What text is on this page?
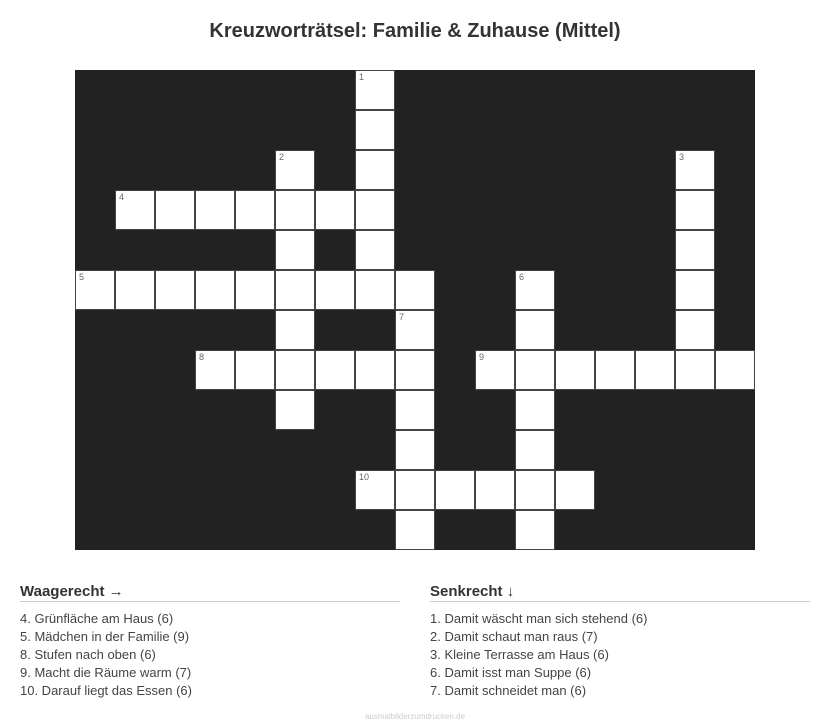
Kreuzworträtsel: Familie & Zuhause (Mittel)
1
2	3
4
5	6
7
8	9
10
Waagerecht →
4. Grünfläche am Haus (6)
5. Mädchen in der Familie (9)
8. Stufen nach oben (6)
9. Macht die Räume warm (7)
10. Darauf liegt das Essen (6)
Senkrecht ↓
1. Damit wäscht man sich stehend (6)
2. Damit schaut man raus (7)
3. Kleine Terrasse am Haus (6)
6. Damit isst man Suppe (6)
7. Damit schneidet man (6)
ausmalbilderzumdrucken.de
